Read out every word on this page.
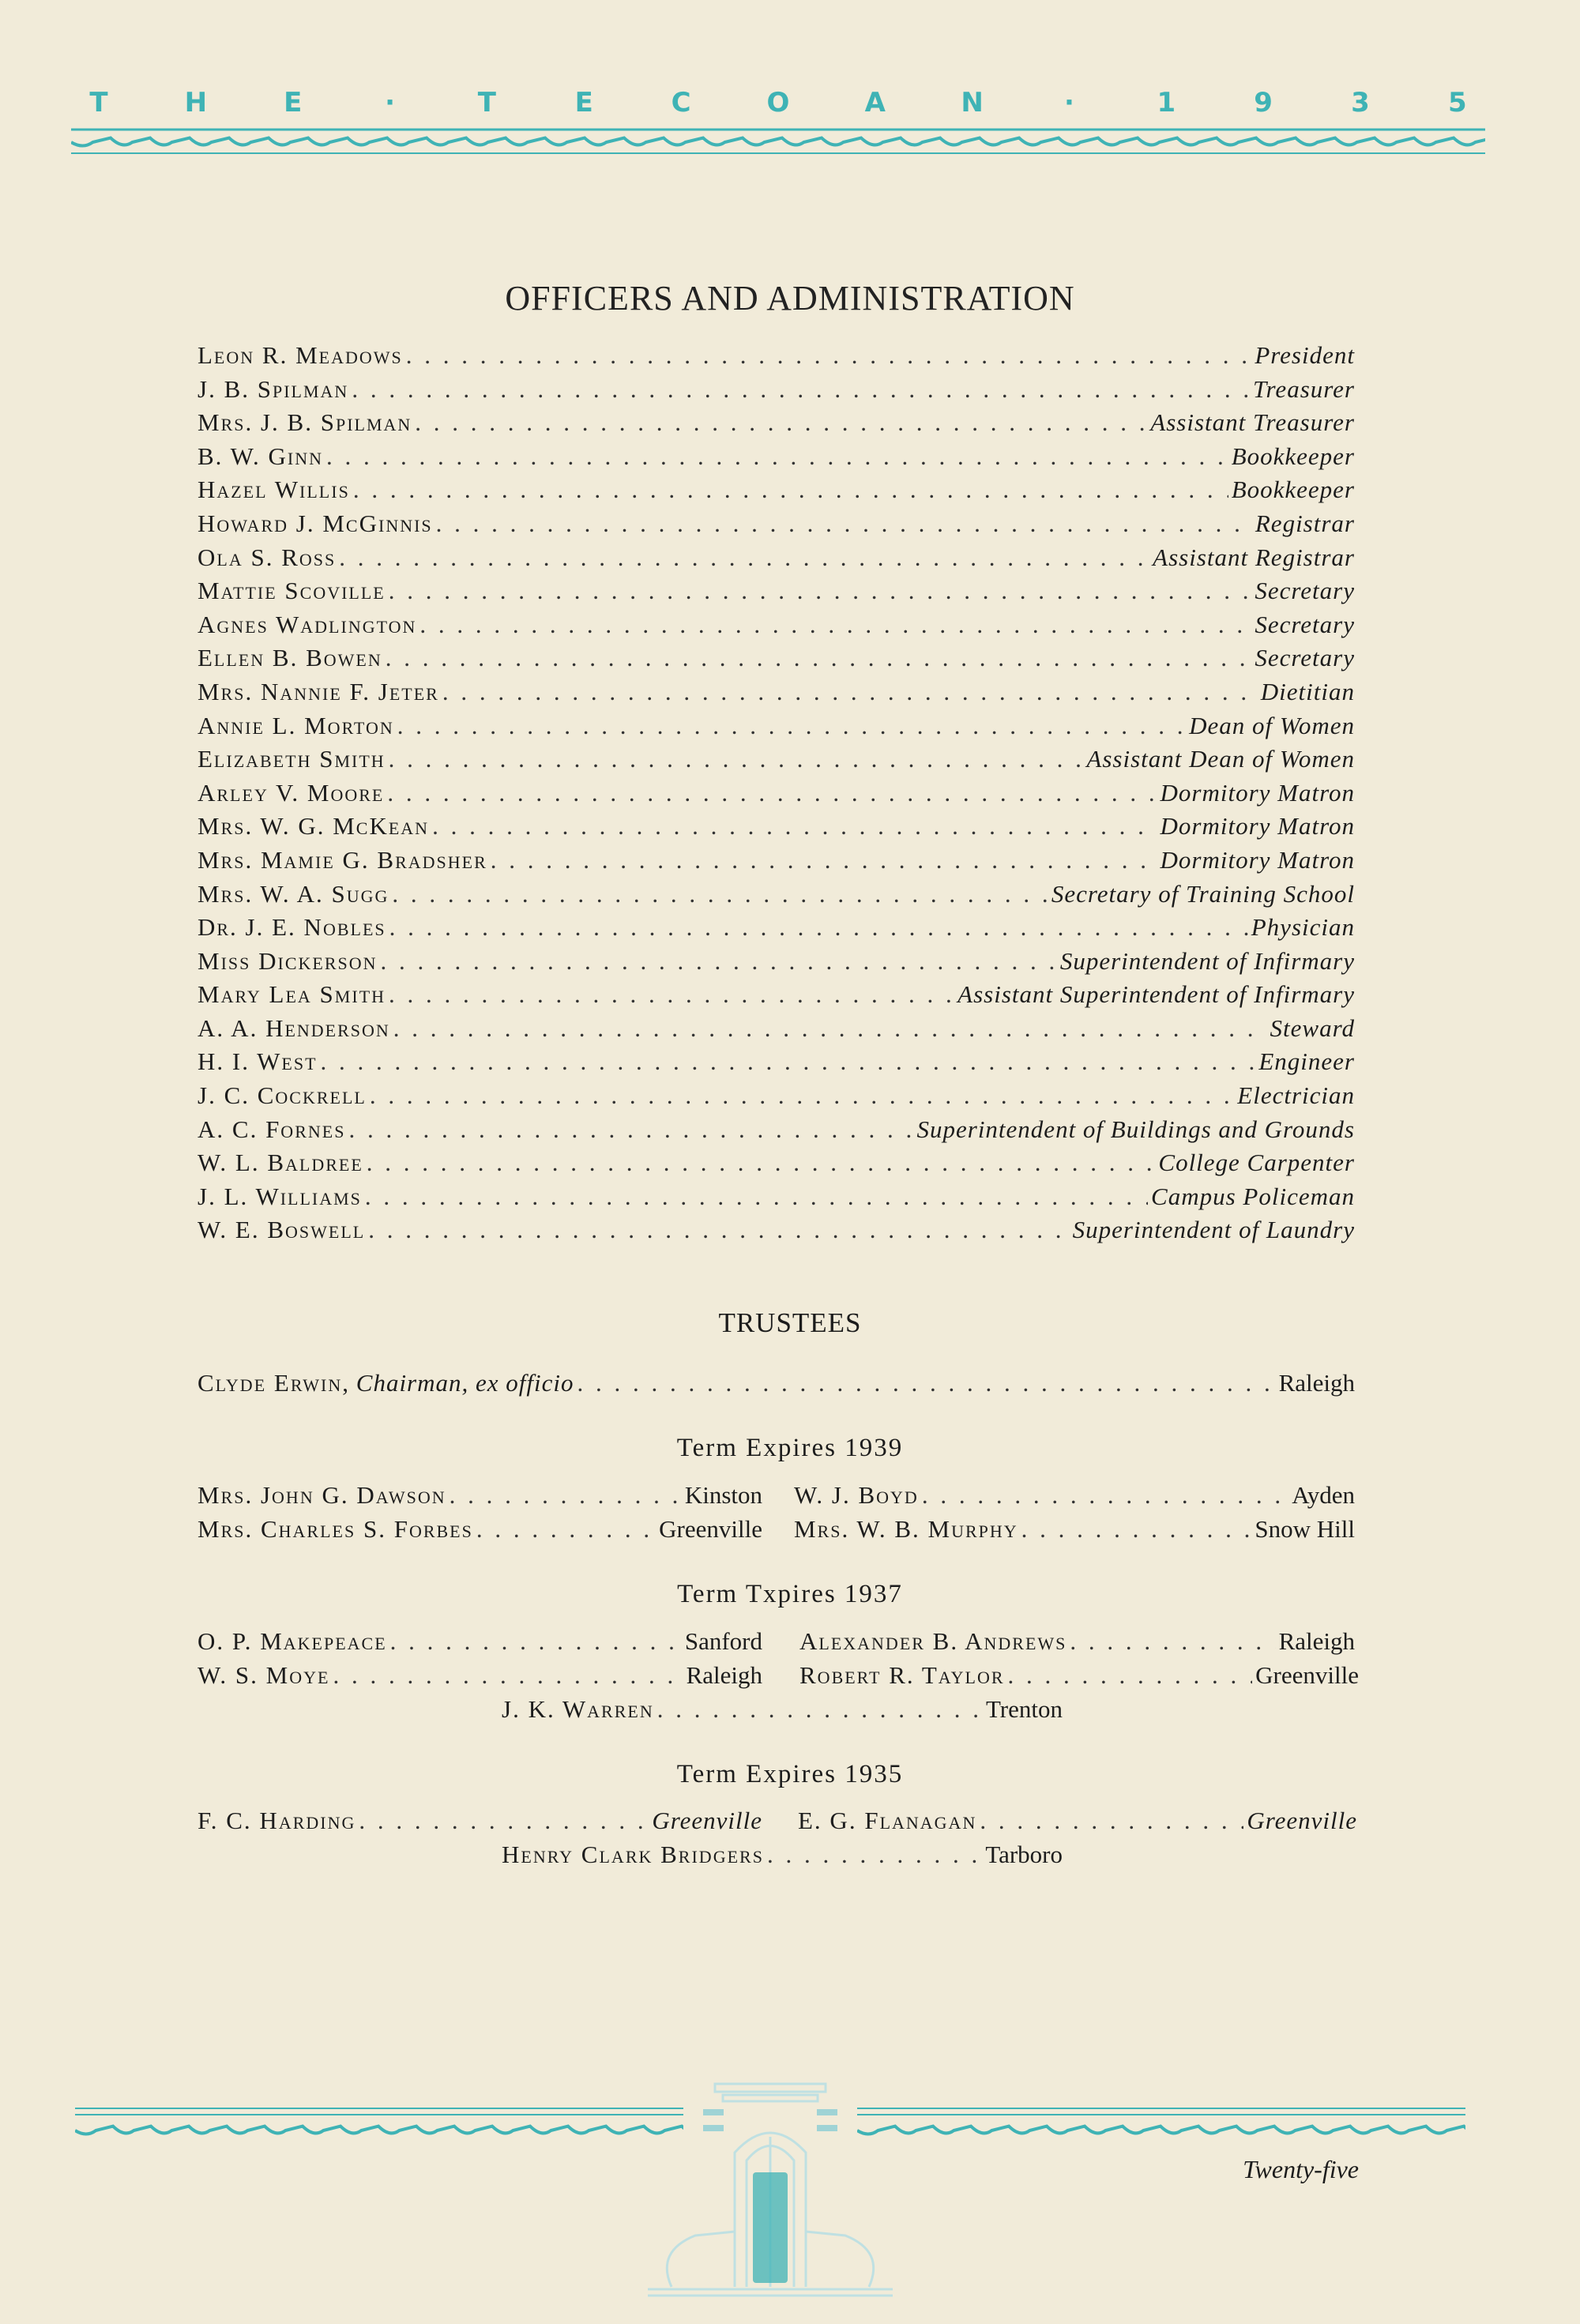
T	H	E	·	T	E	C	O	A	N	·	1	9	3	5
OFFICERS AND ADMINISTRATION
Leon R. Meadows . . .	President
J. B. Spilman . . .	Treasurer
Mrs. J. B. Spilman . . .	Assistant Treasurer
B. W. Ginn . . .	Bookkeeper
Hazel Willis . . .	Bookkeeper
Howard J. McGinnis . . .	Registrar
Ola S. Ross . . .	Assistant Registrar
Mattie Scoville . . .	Secretary
Agnes Wadlington . . .	Secretary
Ellen B. Bowen . . .	Secretary
Mrs. Nannie F. Jeter . . .	Dietitian
Annie L. Morton . . .	Dean of Women
Elizabeth Smith . . .	Assistant Dean of Women
Arley V. Moore . . .	Dormitory Matron
Mrs. W. G. McKean . . .	Dormitory Matron
Mrs. Mamie G. Bradsher . . .	Dormitory Matron
Mrs. W. A. Sugg . . .	Secretary of Training School
Dr. J. E. Nobles . . .	Physician
Miss Dickerson . . .	Superintendent of Infirmary
Mary Lea Smith . . .	Assistant Superintendent of Infirmary
A. A. Henderson . . .	Steward
H. I. West . . .	Engineer
J. C. Cockrell . . .	Electrician
A. C. Fornes . . .	Superintendent of Buildings and Grounds
W. L. Baldree . . .	College Carpenter
J. L. Williams . . .	Campus Policeman
W. E. Boswell . . .	Superintendent of Laundry
TRUSTEES
Clyde Erwin,
Chairman, ex officio . . .	Raleigh
Term Expires 1939
Mrs. John G. Dawson . . .	Kinston W. J. Boyd . . .	Ayden
Mrs. Charles S. Forbes . . .	Greenville Mrs. W. B. Murphy . . .	Snow Hill
Term Txpires 1937
O. P. Makepeace . . .	Sanford Alexander B. Andrews . . .	Raleigh
W. S. Moye . . .	Raleigh Robert R. Taylor . . .	Greenville
J. K. Warren . . .	Trenton
Term Expires 1935
F. C. Harding . . .	Greenville E. G. Flanagan . . .	Greenville
Henry Clark Bridgers . . .	Tarboro
Twenty-five
